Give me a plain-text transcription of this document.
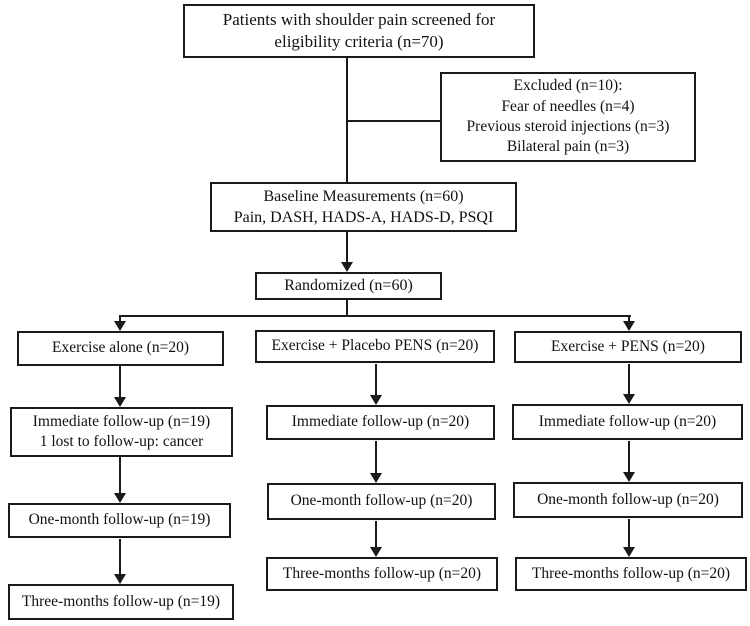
Patients with shoulder pain screened for
eligibility criteria (n=70)
Excluded (n=10):
Fear of needles (n=4)
Previous steroid injections (n=3)
Bilateral pain (n=3)
Baseline Measurements (n=60)
Pain, DASH, HADS-A, HADS-D, PSQI
Randomized (n=60)
Exercise alone (n=20)
Immediate follow-up (n=19)
1 lost to follow-up: cancer
One-month follow-up (n=19)
Three-months follow-up (n=19)
Exercise + Placebo PENS (n=20)
Immediate follow-up (n=20)
One-month follow-up (n=20)
Three-months follow-up (n=20)
Exercise + PENS (n=20)
Immediate follow-up (n=20)
One-month follow-up (n=20)
Three-months follow-up (n=20)
